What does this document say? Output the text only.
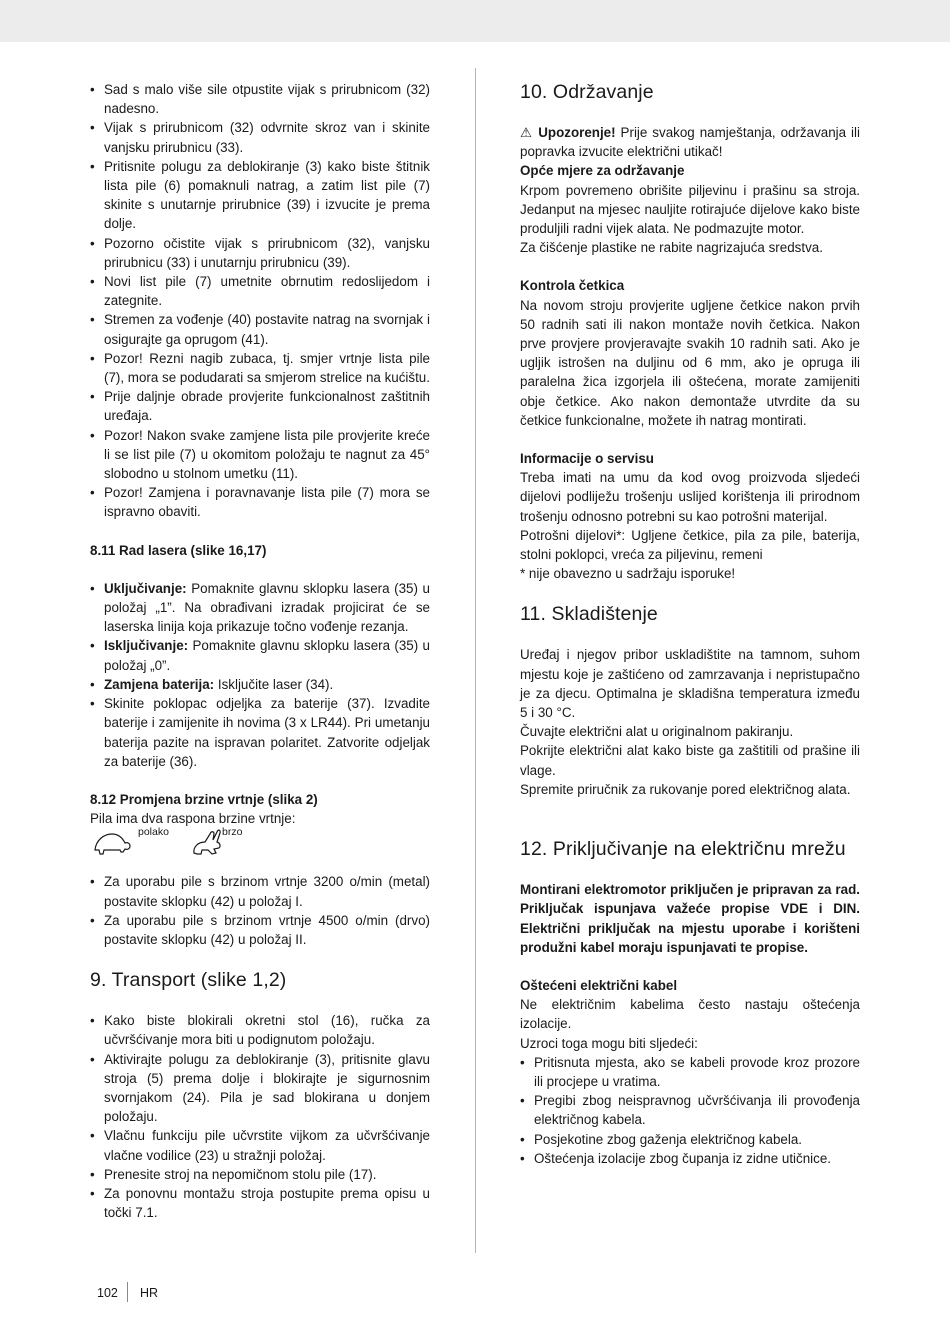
• Sad s malo više sile otpustite vijak s prirubnicom (32) nadesno.
• Vijak s prirubnicom (32) odvrnite skroz van i skinite vanjsku prirubnicu (33).
• Pritisnite polugu za deblokiranje (3) kako biste štitnik lista pile (6) pomaknuli natrag, a zatim list pile (7) skinite s unutarnje prirubnice (39) i izvucite je prema dolje.
• Pozorno očistite vijak s prirubnicom (32), vanjsku prirubnicu (33) i unutarnju prirubnicu (39).
• Novi list pile (7) umetnite obrnutim redoslijedom i zategnite.
• Stremen za vođenje (40) postavite natrag na svornjak i osigurajte ga oprugom (41).
• Pozor! Rezni nagib zubaca, tj. smjer vrtnje lista pile (7), mora se podudarati sa smjerom strelice na kućištu.
• Prije daljnje obrade provjerite funkcionalnost zaštitnih uređaja.
• Pozor! Nakon svake zamjene lista pile provjerite kreće li se list pile (7) u okomitom položaju te nagnut za 45° slobodno u stolnom umetku (11).
• Pozor! Zamjena i poravnavanje lista pile (7) mora se ispravno obaviti.

8.11 Rad lasera (slike 16,17)

• Uključivanje: Pomaknite glavnu sklopku lasera (35) u položaj „1”. Na obrađivani izradak projicirat će se laserska linija koja prikazuje točno vođenje rezanja.
• Isključivanje: Pomaknite glavnu sklopku lasera (35) u položaj „0”.
• Zamjena baterija: Isključite laser (34).
• Skinite poklopac odjeljka za baterije (37). Izvadite baterije i zamijenite ih novima (3 x LR44). Pri umetanju baterija pazite na ispravan polaritet. Zatvorite odjeljak za baterije (36).

8.12 Promjena brzine vrtnje (slika 2)

Pila ima dva raspona brzine vrtnje:

polako	brzo
• Za uporabu pile s brzinom vrtnje 3200 o/min (metal) postavite sklopku (42) u položaj I.
• Za uporabu pile s brzinom vrtnje 4500 o/min (drvo) postavite sklopku (42) u položaj II.
9. Transport (slike 1,2)
• Kako biste blokirali okretni stol (16), ručka za učvršćivanje mora biti u podignutom položaju.
• Aktivirajte polugu za deblokiranje (3), pritisnite glavu stroja (5) prema dolje i blokirajte je sigurnosnim svornjakom (24). Pila je sad blokirana u donjem položaju.
• Vlačnu funkciju pile učvrstite vijkom za učvršćivanje vlačne vodilice (23) u stražnji položaj.
• Prenesite stroj na nepomičnom stolu pile (17).
• Za ponovnu montažu stroja postupite prema opisu u točki 7.1.
10. Održavanje

⚠ Upozorenje! Prije svakog namještanja, održavanja ili popravka izvucite električni utikač!

Opće mjere za održavanje

Krpom povremeno obrišite piljevinu i prašinu sa stroja. Jedanput na mjesec nauljite rotirajuće dijelove kako biste produljili radni vijek alata. Ne podmazujte motor.

Za čišćenje plastike ne rabite nagrizajuća sredstva.

Kontrola četkica

Na novom stroju provjerite ugljene četkice nakon prvih 50 radnih sati ili nakon montaže novih četkica. Nakon prve provjere provjeravajte svakih 10 radnih sati. Ako je ugljik istrošen na duljinu od 6 mm, ako je opruga ili paralelna žica izgorjela ili oštećena, morate zamijeniti obje četkice. Ako nakon demontaže utvrdite da su četkice funkcionalne, možete ih natrag montirati.

Informacije o servisu

Treba imati na umu da kod ovog proizvoda sljedeći dijelovi podliježu trošenju uslijed korištenja ili prirodnom trošenju odnosno potrebni su kao potrošni materijal.

Potrošni dijelovi*: Ugljene četkice, pila za pile, baterija, stolni poklopci, vreća za piljevinu, remeni

* nije obavezno u sadržaju isporuke!

11. Skladištenje

Uređaj i njegov pribor uskladištite na tamnom, suhom mjestu koje je zaštićeno od zamrzavanja i nepristupačno je za djecu. Optimalna je skladišna temperatura između 5 i 30 °C.

Čuvajte električni alat u originalnom pakiranju.

Pokrijte električni alat kako biste ga zaštitili od prašine ili vlage.

Spremite priručnik za rukovanje pored električnog alata.

12. Priključivanje na električnu mrežu

Montirani elektromotor priključen je pripravan za rad. Priključak ispunjava važeće propise VDE i DIN. Električni priključak na mjestu uporabe i korišteni produžni kabel moraju ispunjavati te propise.

Oštećeni električni kabel

Ne električnim kabelima često nastaju oštećenja izolacije.

Uzroci toga mogu biti sljedeći:

• Pritisnuta mjesta, ako se kabeli provode kroz prozore ili procjepe u vratima.
• Pregibi zbog neispravnog učvršćivanja ili provođenja električnog kabela.
• Posjekotine zbog gaženja električnog kabela.
• Oštećenja izolacije zbog čupanja iz zidne utičnice.
102 HR
